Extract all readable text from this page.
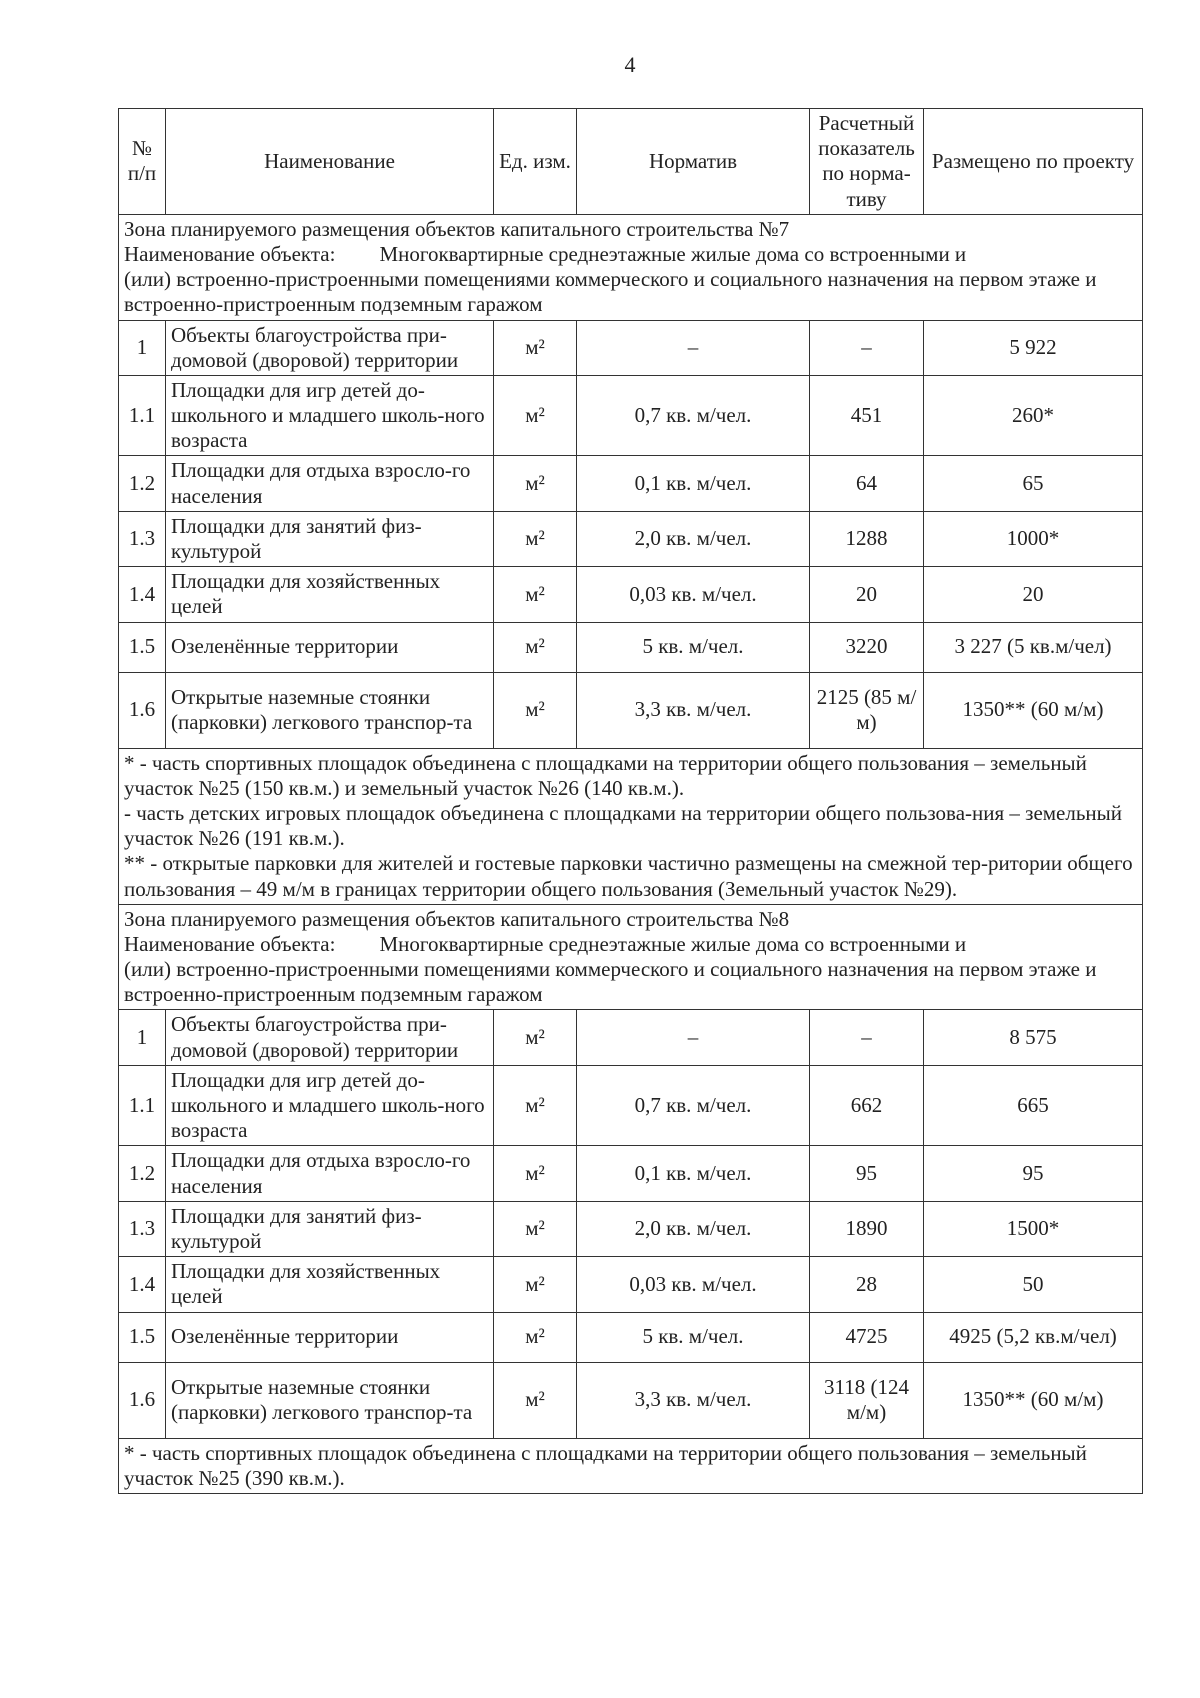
4
№ п/п	Наименование	Ед. изм.	Норматив	Расчетный показатель по норма-тиву	Размещено по проекту

Зона планируемого размещения объектов капитального строительства №7
Наименование объекта: Многоквартирные среднеэтажные жилые дома со встроенными и
(или) встроенно-пристроенными помещениями коммерческого и социального назначения на первом этаже и встроенно-пристроенным подземным гаражом					

1	Объекты благоустройства при-домовой (дворовой) территории	м²	–	–	5 922
1.1	Площадки для игр детей до-школьного и младшего школь-ного возраста	м²	0,7 кв. м/чел.	451	260*
1.2	Площадки для отдыха взросло-го населения	м²	0,1 кв. м/чел.	64	65
1.3	Площадки для занятий физ-культурой	м²	2,0 кв. м/чел.	1288	1000*
1.4	Площадки для хозяйственных целей	м²	0,03 кв. м/чел.	20	20
1.5	Озеленённые территории	м²	5 кв. м/чел.	3220	3 227 (5 кв.м/чел)
1.6	Открытые наземные стоянки (парковки) легкового транспор-та	м²	3,3 кв. м/чел.	2125 (85 м/м)	1350** (60 м/м)

* - часть спортивных площадок объединена с площадками на территории общего пользования – земельный участок №25 (150 кв.м.) и земельный участок №26 (140 кв.м.).

- часть детских игровых площадок объединена с площадками на территории общего пользова-ния – земельный участок №26 (191 кв.м.).

** - открытые парковки для жителей и гостевые парковки частично размещены на смежной тер-ритории общего пользования – 49 м/м в границах территории общего пользования (Земельный участок №29).					

Зона планируемого размещения объектов капитального строительства №8
Наименование объекта: Многоквартирные среднеэтажные жилые дома со встроенными и
(или) встроенно-пристроенными помещениями коммерческого и социального назначения на первом этаже и встроенно-пристроенным подземным гаражом					

1	Объекты благоустройства при-домовой (дворовой) территории	м²	–	–	8 575
1.1	Площадки для игр детей до-школьного и младшего школь-ного возраста	м²	0,7 кв. м/чел.	662	665
1.2	Площадки для отдыха взросло-го населения	м²	0,1 кв. м/чел.	95	95
1.3	Площадки для занятий физ-культурой	м²	2,0 кв. м/чел.	1890	1500*
1.4	Площадки для хозяйственных целей	м²	0,03 кв. м/чел.	28	50
1.5	Озеленённые территории	м²	5 кв. м/чел.	4725	4925 (5,2 кв.м/чел)
1.6	Открытые наземные стоянки (парковки) легкового транспор-та	м²	3,3 кв. м/чел.	3118 (124 м/м)	1350** (60 м/м)

* - часть спортивных площадок объединена с площадками на территории общего пользования – земельный участок №25 (390 кв.м.).					
